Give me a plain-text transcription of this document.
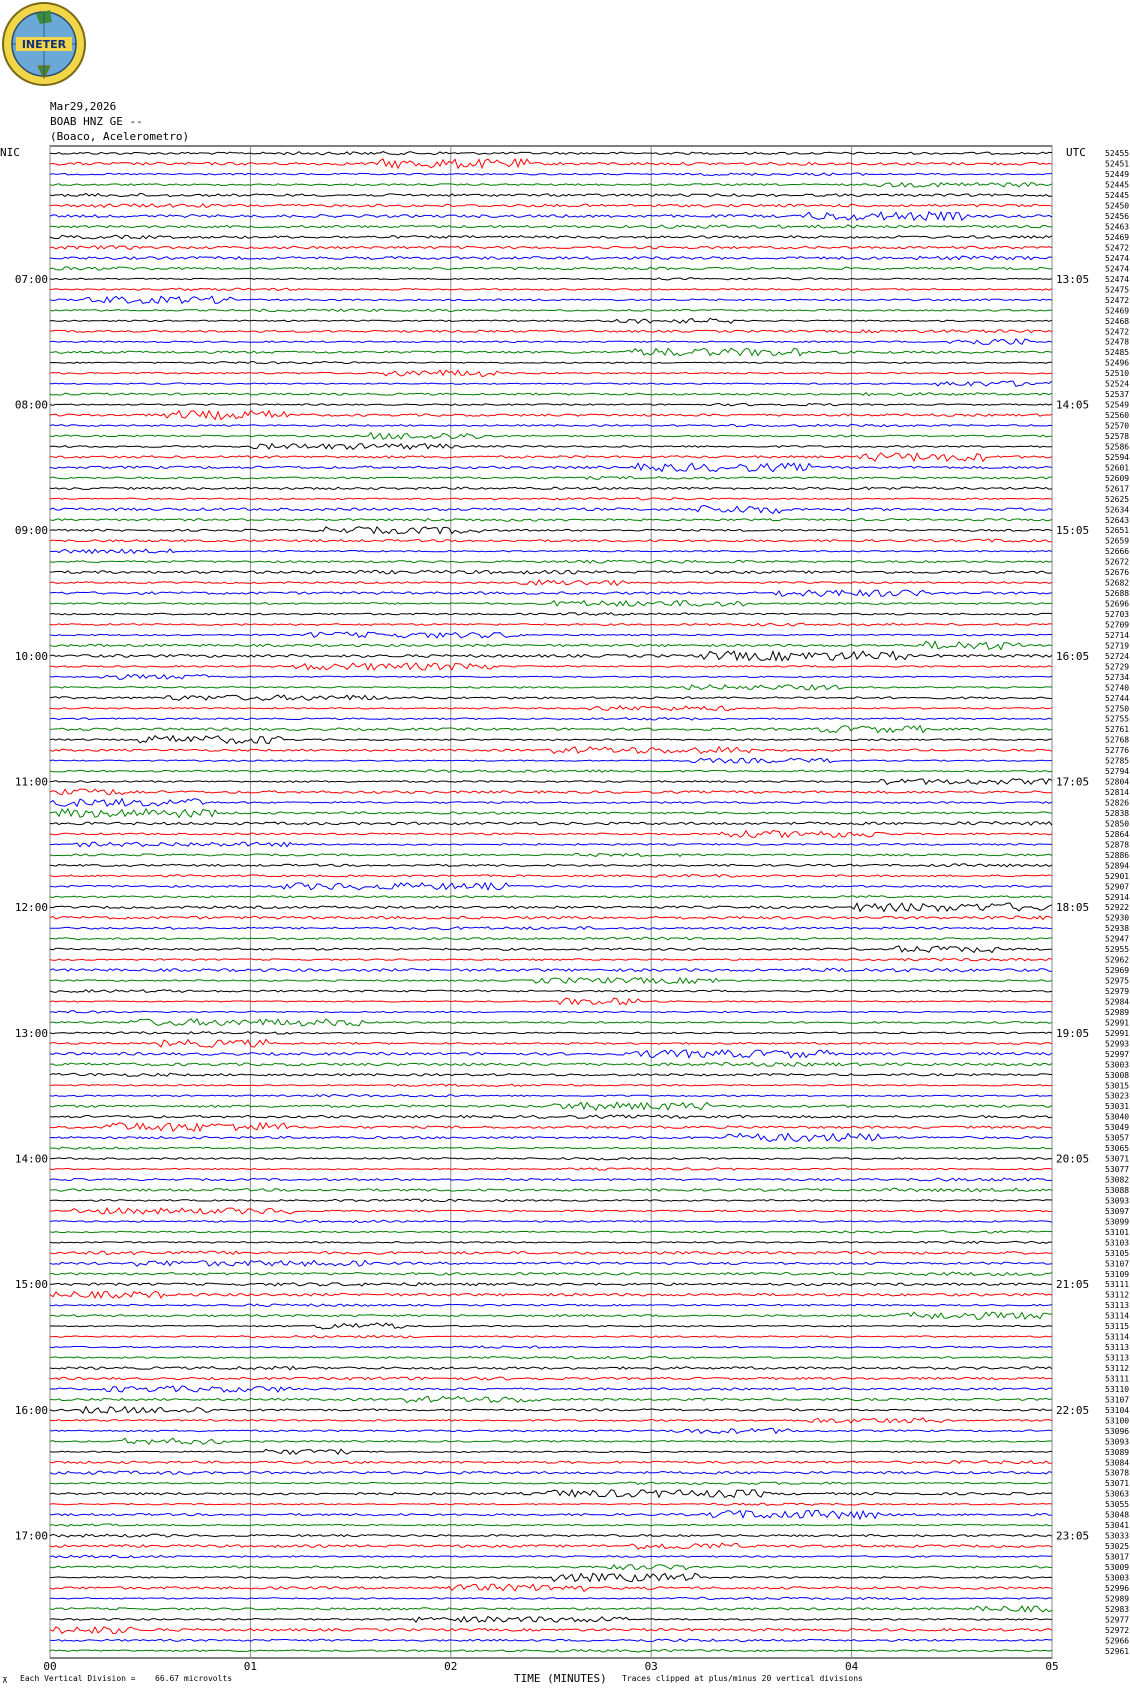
INETER
Mar29,2026
BOAB HNZ GE --
(Boaco, Acelerometro)
NIC	UTC
00	01	02	03	04	05
52455
52451
52449
52445
52445
52450
52456
52463
52469
52472
52474
52474
52474
52475
52472
52469
52468
52472
52478
52485
52496
52510
52524
52537
52549
52560
52570
52578
52586
52594
52601
52609
52617
52625
52634
52643
52651
52659
52666
52672
52676
52682
52688
52696
52703
52709
52714
52719
52724
52729
52734
52740
52744
52750
52755
52761
52768
52776
52785
52794
52804
52814
52826
52838
52850
52864
52878
52886
52894
52901
52907
52914
52922
52930
52938
52947
52955
52962
52969
52975
52979
52984
52989
52991
52991
52993
52997
53003
53008
53015
53023
53031
53040
53049
53057
53065
53071
53077
53082
53088
53093
53097
53099
53101
53103
53105
53107
53109
53111
53112
53113
53114
53115
53114
53113
53113
53112
53111
53110
53107
53104
53100
53096
53093
53089
53084
53078
53071
53063
53055
53048
53041
53033
53025
53017
53009
53003
52996
52989
52983
52977
52972
52966
52961
07:00	13:05
08:00	14:05
09:00	15:05
10:00	16:05
11:00	17:05
12:00	18:05
13:00	19:05
14:00	20:05
15:00	21:05
16:00	22:05
17:00	23:05
⊼ Each Vertical Division = 66.67 microvolts	TIME (MINUTES) Traces clipped at plus/minus 20 vertical divisions
